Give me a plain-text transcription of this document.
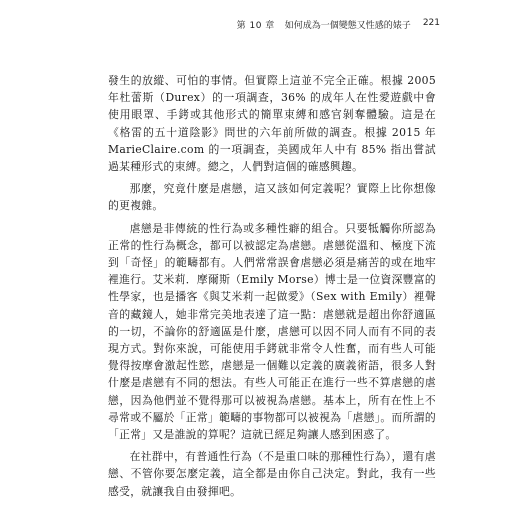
第 10 章 如何成為一個變態又性感的婊子 221

發生的放縱、可怕的事情。但實際上這並不完全正確。根據 2005 年杜蕾斯（Durex）的一項調查，36% 的成年人在性愛遊戲中會使用眼罩、手銬或其他形式的簡單束縛和感官剝奪體驗。這是在《格雷的五十道陰影》問世的六年前所做的調查。根據 2015 年 MarieClaire.com 的一項調查，美國成年人中有 85% 指出嘗試過某種形式的束縛。總之，人們對這個的確感興趣。

那麼，究竟什麼是虐戀，這又該如何定義呢？實際上比你想像的更複雜。

虐戀是非傳統的性行為或多種性癖的組合。只要牴觸你所認為正常的性行為概念，都可以被認定為虐戀。虐戀從溫和、極度下流到「奇怪」的範疇都有。人們常常誤會虐戀必須是痛苦的或在地牢裡進行。艾米莉．摩爾斯（Emily Morse）博士是一位資深豐富的性學家，也是播客《與艾米莉一起做愛》（Sex with Emily）裡聲音的藏鏡人，她非常完美地表達了這一點：虐戀就是超出你舒適區的一切，不論你的舒適區是什麼，虐戀可以因不同人而有不同的表現方式。對你來說，可能使用手銬就非常令人性奮，而有些人可能覺得按摩會激起性慾，虐戀是一個難以定義的廣義術語，很多人對什麼是虐戀有不同的想法。有些人可能正在進行一些不算虐戀的虐戀，因為他們並不覺得那可以被視為虐戀。基本上，所有在性上不尋常或不屬於「正常」範疇的事物都可以被視為「虐戀」。而所謂的「正常」又是誰說的算呢？這就已經足夠讓人感到困惑了。

在社群中，有普通性行為（不是重口味的那種性行為），還有虐戀、不管你要怎麼定義，這全都是由你自己決定。對此，我有一些感受，就讓我自由發揮吧。
